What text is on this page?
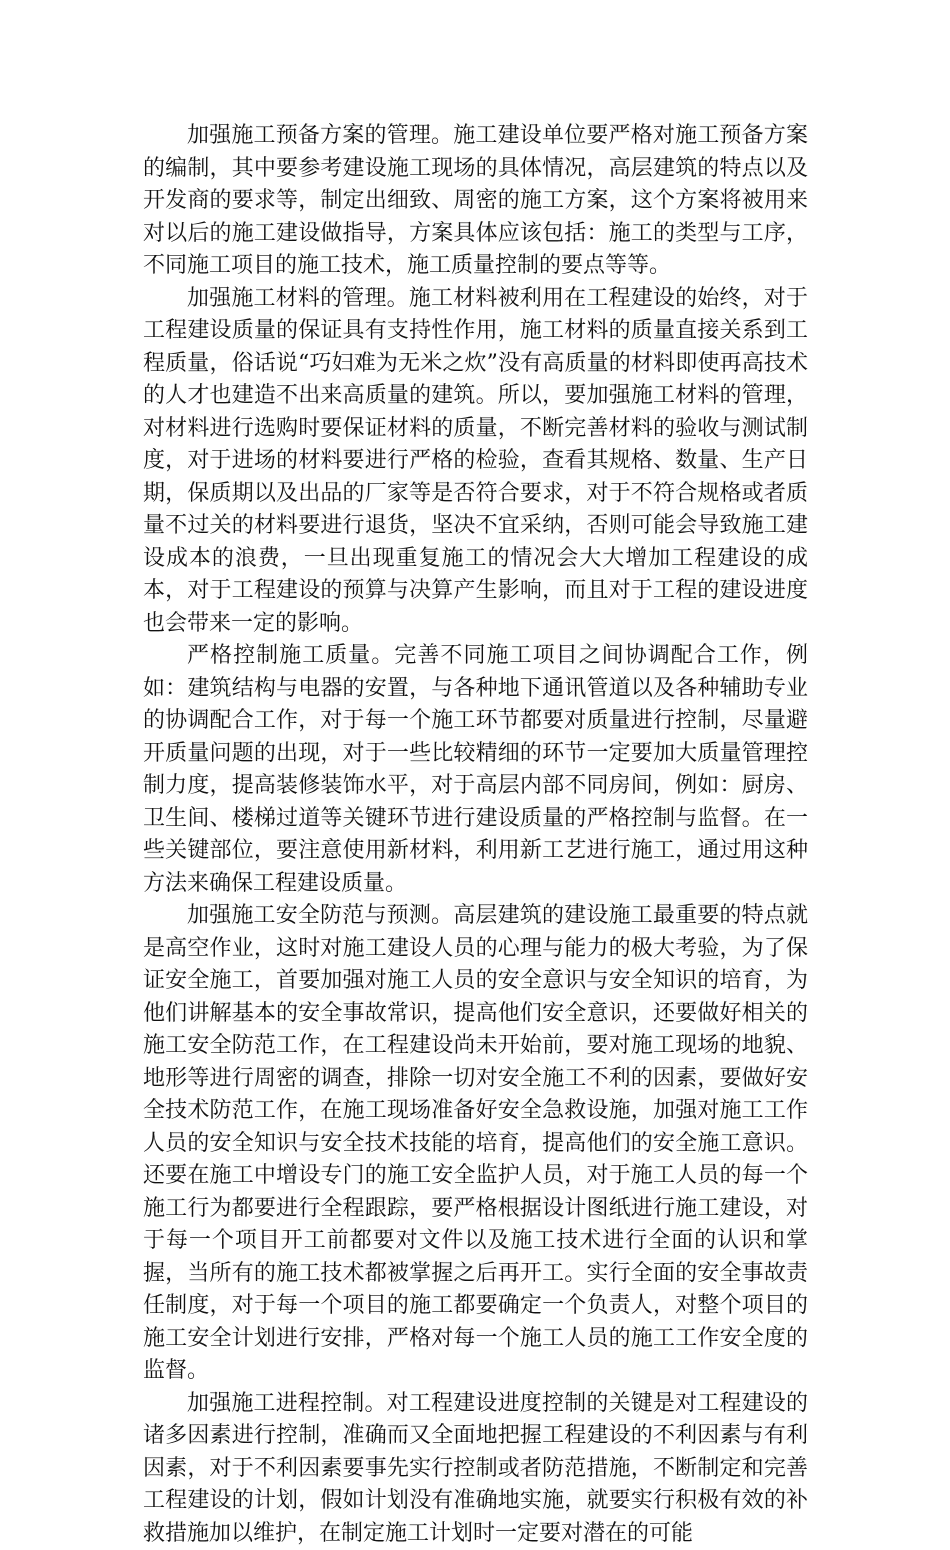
加强施工预备方案的管理。施工建设单位要严格对施工预备方案的编制，其中要参考建设施工现场的具体情况，高层建筑的特点以及开发商的要求等，制定出细致、周密的施工方案，这个方案将被用来对以后的施工建设做指导，方案具体应该包括：施工的类型与工序，不同施工项目的施工技术，施工质量控制的要点等等。

加强施工材料的管理。施工材料被利用在工程建设的始终，对于工程建设质量的保证具有支持性作用，施工材料的质量直接关系到工程质量，俗话说“巧妇难为无米之炊”没有高质量的材料即使再高技术的人才也建造不出来高质量的建筑。所以，要加强施工材料的管理，对材料进行选购时要保证材料的质量，不断完善材料的验收与测试制度，对于进场的材料要进行严格的检验，查看其规格、数量、生产日期，保质期以及出品的厂家等是否符合要求，对于不符合规格或者质量不过关的材料要进行退货，坚决不宜采纳，否则可能会导致施工建设成本的浪费，一旦出现重复施工的情况会大大增加工程建设的成本，对于工程建设的预算与决算产生影响，而且对于工程的建设进度也会带来一定的影响。

严格控制施工质量。完善不同施工项目之间协调配合工作，例如：建筑结构与电器的安置，与各种地下通讯管道以及各种辅助专业的协调配合工作，对于每一个施工环节都要对质量进行控制，尽量避开质量问题的出现，对于一些比较精细的环节一定要加大质量管理控制力度，提高装修装饰水平，对于高层内部不同房间，例如：厨房、卫生间、楼梯过道等关键环节进行建设质量的严格控制与监督。在一些关键部位，要注意使用新材料，利用新工艺进行施工，通过用这种方法来确保工程建设质量。

加强施工安全防范与预测。高层建筑的建设施工最重要的特点就是高空作业，这时对施工建设人员的心理与能力的极大考验，为了保证安全施工，首要加强对施工人员的安全意识与安全知识的培育，为他们讲解基本的安全事故常识，提高他们安全意识，还要做好相关的施工安全防范工作，在工程建设尚未开始前，要对施工现场的地貌、地形等进行周密的调查，排除一切对安全施工不利的因素，要做好安全技术防范工作，在施工现场准备好安全急救设施，加强对施工工作人员的安全知识与安全技术技能的培育，提高他们的安全施工意识。还要在施工中增设专门的施工安全监护人员，对于施工人员的每一个施工行为都要进行全程跟踪，要严格根据设计图纸进行施工建设，对于每一个项目开工前都要对文件以及施工技术进行全面的认识和掌握，当所有的施工技术都被掌握之后再开工。实行全面的安全事故责任制度，对于每一个项目的施工都要确定一个负责人，对整个项目的施工安全计划进行安排，严格对每一个施工人员的施工工作安全度的监督。

加强施工进程控制。对工程建设进度控制的关键是对工程建设的诸多因素进行控制，准确而又全面地把握工程建设的不利因素与有利因素，对于不利因素要事先实行控制或者防范措施，不断制定和完善工程建设的计划，假如计划没有准确地实施，就要实行积极有效的补救措施加以维护，在制定施工计划时一定要对潜在的可能
